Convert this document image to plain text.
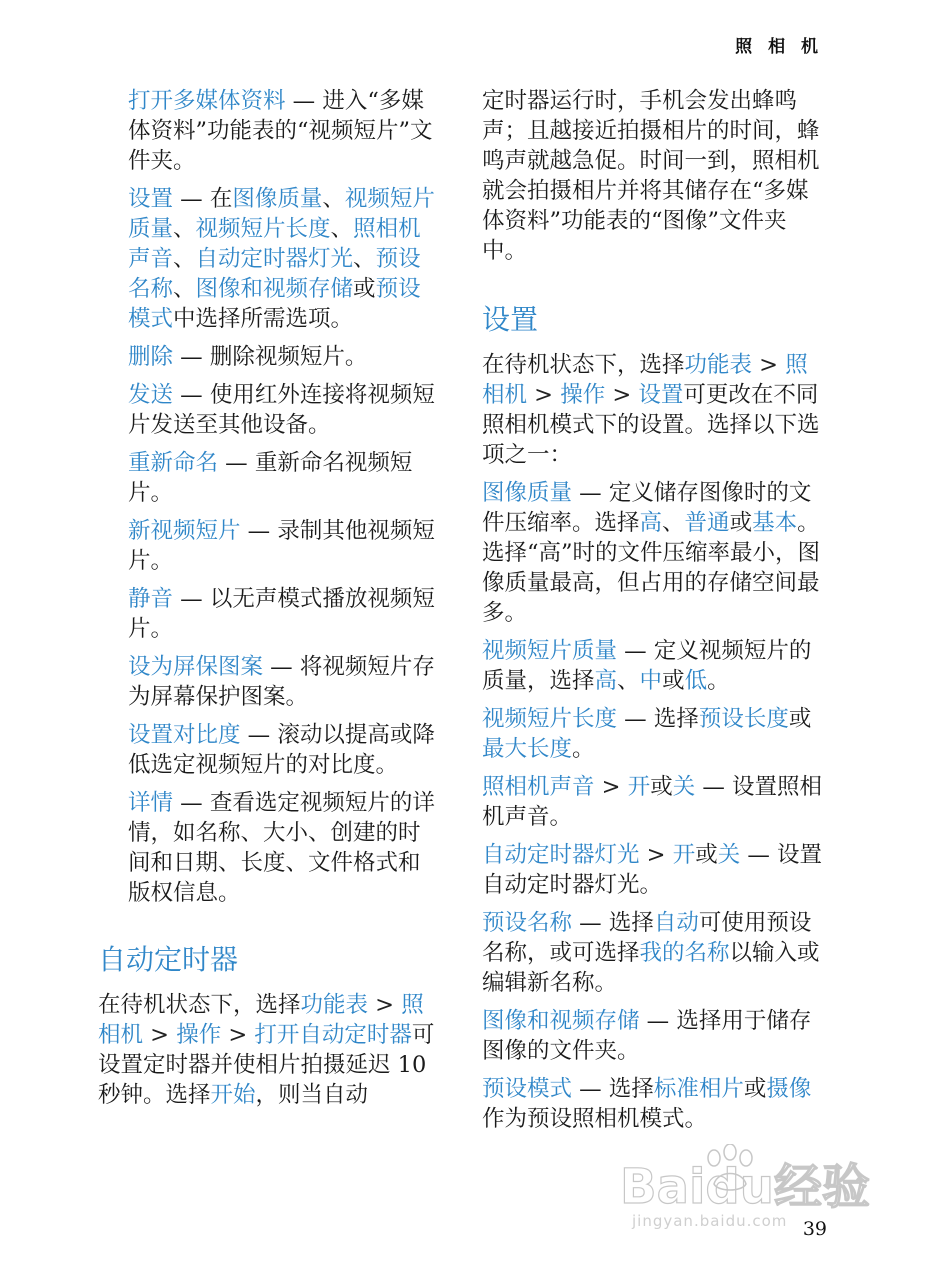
照 相 机
打开多媒体资料 — 进入“多媒体资料”功能表的“视频短片”文件夹。
设置 — 在图像质量、视频短片质量、视频短片长度、照相机声音、自动定时器灯光、预设名称、图像和视频存储或预设模式中选择所需选项。
删除 — 删除视频短片。
发送 — 使用红外连接将视频短片发送至其他设备。
重新命名 — 重新命名视频短片。
新视频短片 — 录制其他视频短片。
静音 — 以无声模式播放视频短片。
设为屏保图案 — 将视频短片存为屏幕保护图案。
设置对比度 — 滚动以提高或降低选定视频短片的对比度。
详情 — 查看选定视频短片的详情，如名称、大小、创建的时间和日期、长度、文件格式和版权信息。
自动定时器
在待机状态下，选择功能表 > 照相机 > 操作 > 打开自动定时器可设置定时器并使相片拍摄延迟 10 秒钟。选择开始，则当自动
定时器运行时，手机会发出蜂鸣声；且越接近拍摄相片的时间，蜂鸣声就越急促。时间一到，照相机就会拍摄相片并将其储存在“多媒体资料”功能表的“图像”文件夹中。
设置
在待机状态下，选择功能表 > 照相机 > 操作 > 设置可更改在不同照相机模式下的设置。选择以下选项之一：
图像质量 — 定义储存图像时的文件压缩率。选择高、普通或基本。选择“高”时的文件压缩率最小，图像质量最高，但占用的存储空间最多。
视频短片质量 — 定义视频短片的质量，选择高、中或低。
视频短片长度 — 选择预设长度或最大长度。
照相机声音 > 开或关 — 设置照相机声音。
自动定时器灯光 > 开或关 — 设置自动定时器灯光。
预设名称 — 选择自动可使用预设名称，或可选择我的名称以输入或编辑新名称。
图像和视频存储 — 选择用于储存图像的文件夹。
预设模式 — 选择标准相片或摄像作为预设照相机模式。
Baidu经验
jingyan.baidu.com 39
